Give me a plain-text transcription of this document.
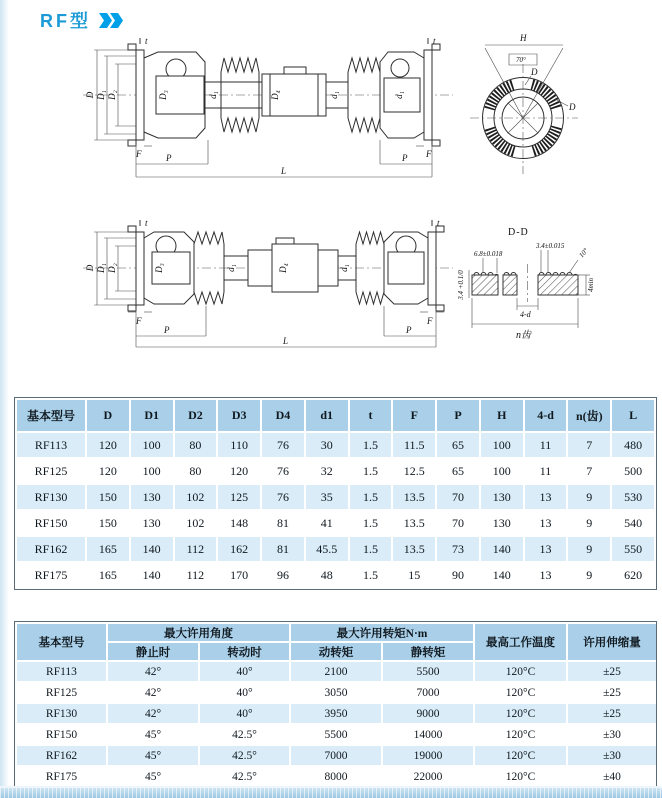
RF型
D D₁ D₂
t
D₃	d₁	D₄	d₁	d₁
t
F	F
P	P
L
H
70°
D
D
D D₁ D₂
t
D₃	d₁	D₄	d₁
t
F	F
P	P
L
D-D
6.8±0.018
3.4±0.015
10°
4min
3.4 +0.1/0
4-d
n齿
基本型号	D	D1	D2	D3	D4	d1	t	F	P	H	4-d	n(齿)	L
RF113	120	100	80	110	76	30	1.5	11.5	65	100	11	7	480
RF125	120	100	80	120	76	32	1.5	12.5	65	100	11	7	500
RF130	150	130	102	125	76	35	1.5	13.5	70	130	13	9	530
RF150	150	130	102	148	81	41	1.5	13.5	70	130	13	9	540
RF162	165	140	112	162	81	45.5	1.5	13.5	73	140	13	9	550
RF175	165	140	112	170	96	48	1.5	15	90	140	13	9	620
基本型号	最大许用角度		最大许用转矩N·m		最高工作温度	许用伸缩量
	静止时	转动时	动转矩	静转矩		
RF113	42°	40°	2100	5500	120°C	±25
RF125	42°	40°	3050	7000	120°C	±25
RF130	42°	40°	3950	9000	120°C	±25
RF150	45°	42.5°	5500	14000	120°C	±30
RF162	45°	42.5°	7000	19000	120°C	±30
RF175	45°	42.5°	8000	22000	120°C	±40
